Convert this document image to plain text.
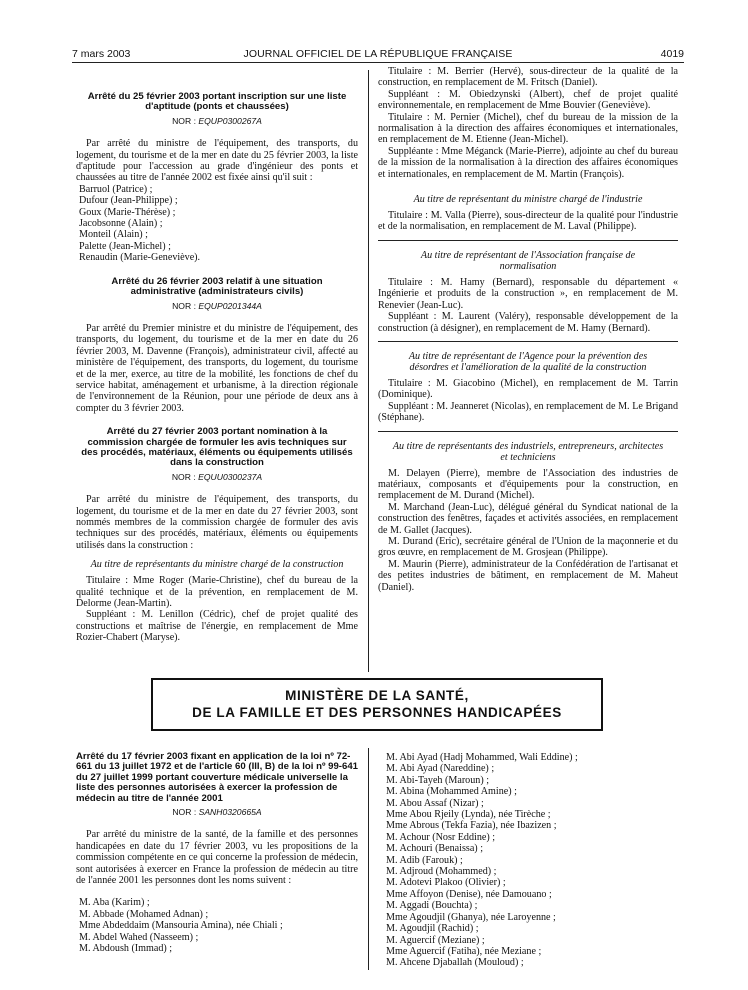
7 mars 2003	JOURNAL OFFICIEL DE LA RÉPUBLIQUE FRANÇAISE	4019
Arrêté du 25 février 2003 portant inscription sur une liste d'aptitude (ponts et chaussées)
NOR : EQUP0300267A

Par arrêté du ministre de l'équipement, des transports, du logement, du tourisme et de la mer en date du 25 février 2003, la liste d'aptitude pour l'accession au grade d'ingénieur des ponts et chaussées au titre de l'année 2002 est fixée ainsi qu'il suit :

Barruol (Patrice) ;
Dufour (Jean-Philippe) ;
Goux (Marie-Thérèse) ;
Jacobsonne (Alain) ;
Monteil (Alain) ;
Palette (Jean-Michel) ;
Renaudin (Marie-Geneviève).
Arrêté du 26 février 2003 relatif à une situation administrative (administrateurs civils)
NOR : EQUP0201344A

Par arrêté du Premier ministre et du ministre de l'équipement, des transports, du logement, du tourisme et de la mer en date du 26 février 2003, M. Davenne (François), administrateur civil, affecté au ministère de l'équipement, des transports, du logement, du tourisme et de la mer, exerce, au titre de la mobilité, les fonctions de chef du service habitat, aménagement et urbanisme, à la direction régionale de l'environnement de la Réunion, pour une période de deux ans à compter du 3 février 2003.

Arrêté du 27 février 2003 portant nomination à la commission chargée de formuler les avis techniques sur des procédés, matériaux, éléments ou équipements utilisés dans la construction
NOR : EQUU0300237A

Par arrêté du ministre de l'équipement, des transports, du logement, du tourisme et de la mer en date du 27 février 2003, sont nommés membres de la commission chargée de formuler des avis techniques sur des procédés, matériaux, éléments ou équipements utilisés dans la construction :

Au titre de représentants du ministre chargé de la construction

Titulaire : Mme Roger (Marie-Christine), chef du bureau de la qualité technique et de la prévention, en remplacement de M. Delorme (Jean-Martin).

Suppléant : M. Lenillon (Cédric), chef de projet qualité des constructions et maîtrise de l'énergie, en remplacement de Mme Rozier-Chabert (Maryse).

Titulaire : M. Berrier (Hervé), sous-directeur de la qualité de la construction, en remplacement de M. Fritsch (Daniel).

Suppléant : M. Obiedzynski (Albert), chef de projet qualité environnementale, en remplacement de Mme Bouvier (Geneviève).

Titulaire : M. Pernier (Michel), chef du bureau de la mission de la normalisation à la direction des affaires économiques et internationales, en remplacement de M. Etienne (Jean-Michel).

Suppléante : Mme Méganck (Marie-Pierre), adjointe au chef du bureau de la mission de la normalisation à la direction des affaires économiques et internationales, en remplacement de M. Martin (François).

Au titre de représentant du ministre chargé de l'industrie

Titulaire : M. Valla (Pierre), sous-directeur de la qualité pour l'industrie et de la normalisation, en remplacement de M. Laval (Philippe).

Au titre de représentant de l'Association française de normalisation

Titulaire : M. Hamy (Bernard), responsable du département « Ingénierie et produits de la construction », en remplacement de M. Renevier (Jean-Luc).

Suppléant : M. Laurent (Valéry), responsable développement de la construction (à désigner), en remplacement de M. Hamy (Bernard).

Au titre de représentant de l'Agence pour la prévention des désordres et l'amélioration de la qualité de la construction

Titulaire : M. Giacobino (Michel), en remplacement de M. Tarrin (Dominique).

Suppléant : M. Jeanneret (Nicolas), en remplacement de M. Le Brigand (Stéphane).

Au titre de représentants des industriels, entrepreneurs, architectes et techniciens

M. Delayen (Pierre), membre de l'Association des industries de matériaux, composants et d'équipements pour la construction, en remplacement de M. Durand (Michel).

M. Marchand (Jean-Luc), délégué général du Syndicat national de la construction des fenêtres, façades et activités associées, en remplacement de M. Gallet (Jacques).

M. Durand (Eric), secrétaire général de l'Union de la maçonnerie et du gros œuvre, en remplacement de M. Grosjean (Philippe).

M. Maurin (Pierre), administrateur de la Confédération de l'artisanat et des petites industries de bâtiment, en remplacement de M. Maheut (Daniel).

MINISTÈRE DE LA SANTÉ,
DE LA FAMILLE ET DES PERSONNES HANDICAPÉES
Arrêté du 17 février 2003 fixant en application de la loi nº 72-661 du 13 juillet 1972 et de l'article 60 (III, B) de la loi nº 99-641 du 27 juillet 1999 portant couverture médicale universelle la liste des personnes autorisées à exercer la profession de médecin au titre de l'année 2001
NOR : SANH0320665A

Par arrêté du ministre de la santé, de la famille et des personnes handicapées en date du 17 février 2003, vu les propositions de la commission compétente en ce qui concerne la profession de médecin, sont autorisées à exercer en France la profession de médecin au titre de l'année 2001 les personnes dont les noms suivent :

M. Aba (Karim) ;
M. Abbade (Mohamed Adnan) ;
Mme Abdeddaim (Mansouria Amina), née Chiali ;
M. Abdel Wahed (Nasseem) ;
M. Abdoush (Immad) ;
M. Abi Ayad (Hadj Mohammed, Wali Eddine) ;
M. Abi Ayad (Nareddine) ;
M. Abi-Tayeh (Maroun) ;
M. Abina (Mohammed Amine) ;
M. Abou Assaf (Nizar) ;
Mme Abou Rjeily (Lynda), née Tirèche ;
Mme Abrous (Tekfa Fazia), née Ibazizen ;
M. Achour (Nosr Eddine) ;
M. Achouri (Benaissa) ;
M. Adib (Farouk) ;
M. Adjroud (Mohammed) ;
M. Adotevi Plakoo (Olivier) ;
Mme Affoyon (Denise), née Damouano ;
M. Aggadi (Bouchta) ;
Mme Agoudjil (Ghanya), née Laroyenne ;
M. Agoudjil (Rachid) ;
M. Aguercif (Meziane) ;
Mme Aguercif (Fatiha), née Meziane ;
M. Ahcene Djaballah (Mouloud) ;
